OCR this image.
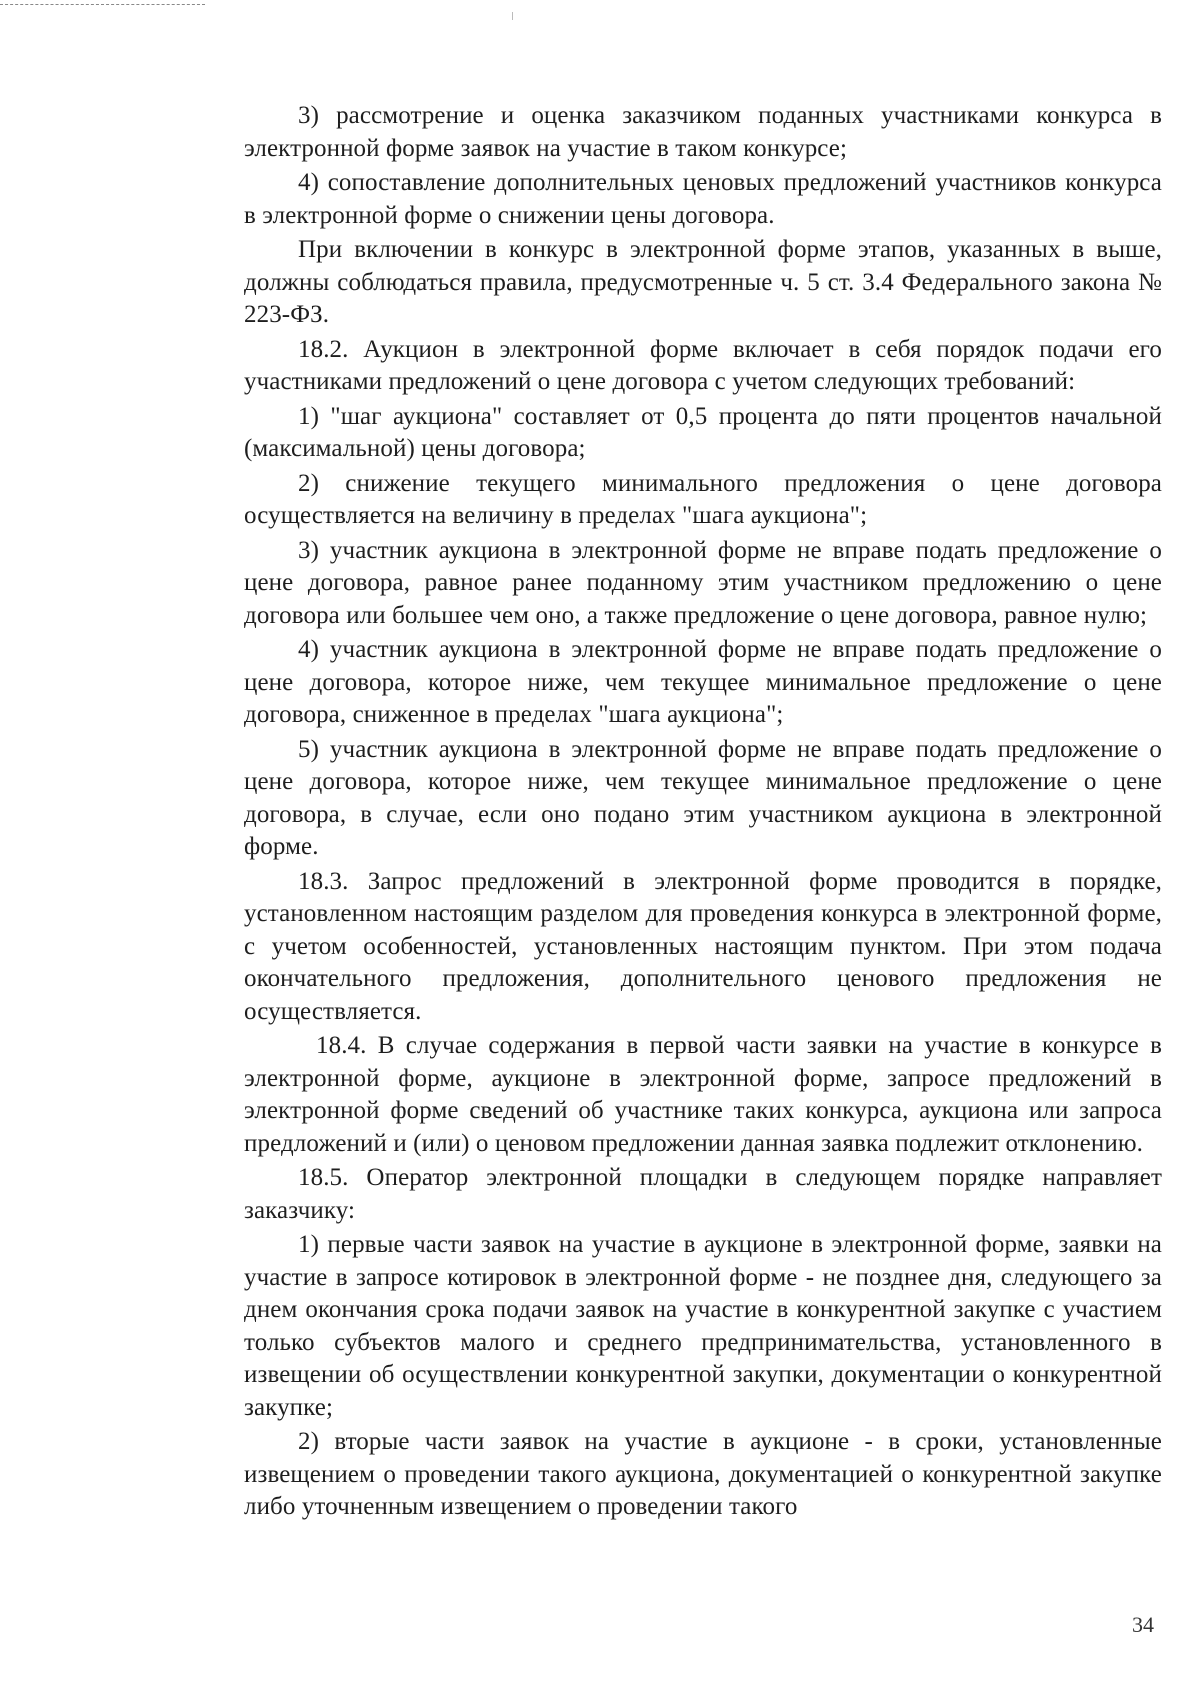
3) рассмотрение и оценка заказчиком поданных участниками конкурса в электронной форме заявок на участие в таком конкурсе;

4) сопоставление дополнительных ценовых предложений участников конкурса в электронной форме о снижении цены договора.

При включении в конкурс в электронной форме этапов, указанных в выше, должны соблюдаться правила, предусмотренные ч. 5 ст. 3.4 Федерального закона № 223-ФЗ.

18.2. Аукцион в электронной форме включает в себя порядок подачи его участниками предложений о цене договора с учетом следующих требований:

1) "шаг аукциона" составляет от 0,5 процента до пяти процентов начальной (максимальной) цены договора;

2) снижение текущего минимального предложения о цене договора осуществляется на величину в пределах "шага аукциона";

3) участник аукциона в электронной форме не вправе подать предложение о цене договора, равное ранее поданному этим участником предложению о цене договора или большее чем оно, а также предложение о цене договора, равное нулю;

4) участник аукциона в электронной форме не вправе подать предложение о цене договора, которое ниже, чем текущее минимальное предложение о цене договора, сниженное в пределах "шага аукциона";

5) участник аукциона в электронной форме не вправе подать предложение о цене договора, которое ниже, чем текущее минимальное предложение о цене договора, в случае, если оно подано этим участником аукциона в электронной форме.

18.3. Запрос предложений в электронной форме проводится в порядке, установленном настоящим разделом для проведения конкурса в электронной форме, с учетом особенностей, установленных настоящим пунктом. При этом подача окончательного предложения, дополнительного ценового предложения не осуществляется.

18.4. В случае содержания в первой части заявки на участие в конкурсе в электронной форме, аукционе в электронной форме, запросе предложений в электронной форме сведений об участнике таких конкурса, аукциона или запроса предложений и (или) о ценовом предложении данная заявка подлежит отклонению.

18.5. Оператор электронной площадки в следующем порядке направляет заказчику:

1) первые части заявок на участие в аукционе в электронной форме, заявки на участие в запросе котировок в электронной форме - не позднее дня, следующего за днем окончания срока подачи заявок на участие в конкурентной закупке с участием только субъектов малого и среднего предпринимательства, установленного в извещении об осуществлении конкурентной закупки, документации о конкурентной закупке;

2) вторые части заявок на участие в аукционе - в сроки, установленные извещением о проведении такого аукциона, документацией о конкурентной закупке либо уточненным извещением о проведении такого

34
